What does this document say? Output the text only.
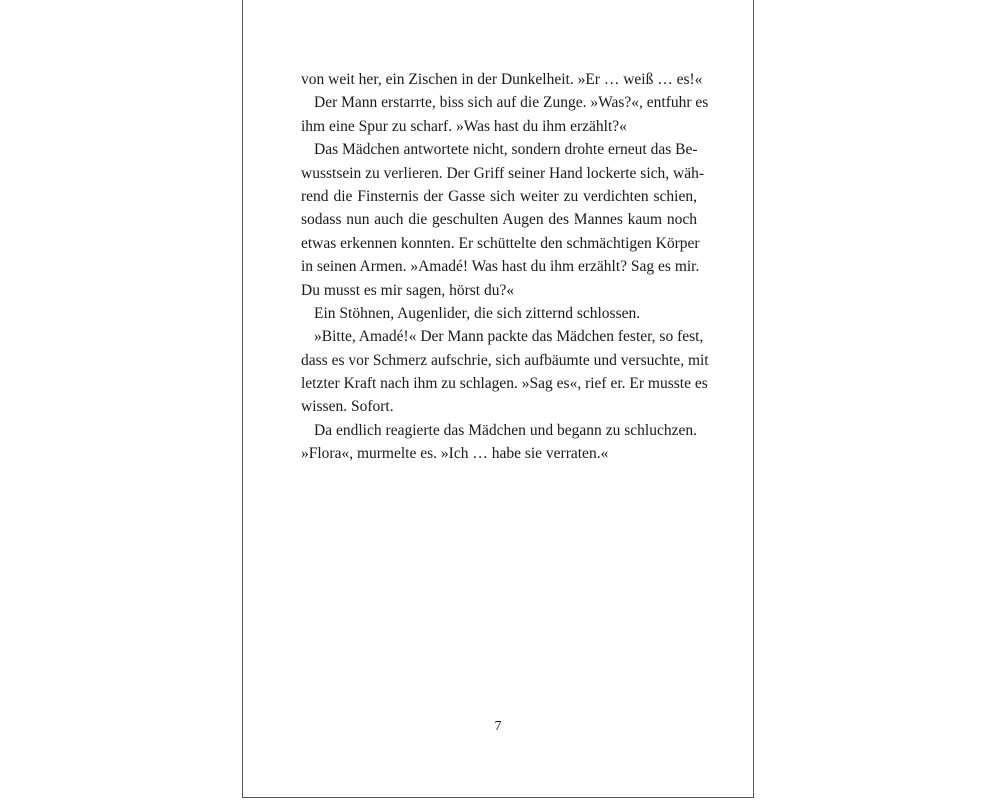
von weit her, ein Zischen in der Dunkelheit. »Er … weiß … es!«
Der Mann erstarrte, biss sich auf die Zunge. »Was?«, entfuhr es
ihm eine Spur zu scharf. »Was hast du ihm erzählt?«
Das Mädchen antwortete nicht, sondern drohte erneut das Be-
wusstsein zu verlieren. Der Griff seiner Hand lockerte sich, wäh-
rend die Finsternis der Gasse sich weiter zu verdichten schien,
sodass nun auch die geschulten Augen des Mannes kaum noch
etwas erkennen konnten. Er schüttelte den schmächtigen Körper
in seinen Armen. »Amadé! Was hast du ihm erzählt? Sag es mir.
Du musst es mir sagen, hörst du?«
Ein Stöhnen, Augenlider, die sich zitternd schlossen.
»Bitte, Amadé!« Der Mann packte das Mädchen fester, so fest,
dass es vor Schmerz aufschrie, sich aufbäumte und versuchte, mit
letzter Kraft nach ihm zu schlagen. »Sag es«, rief er. Er musste es
wissen. Sofort.
Da endlich reagierte das Mädchen und begann zu schluchzen.
»Flora«, murmelte es. »Ich … habe sie verraten.«
7
